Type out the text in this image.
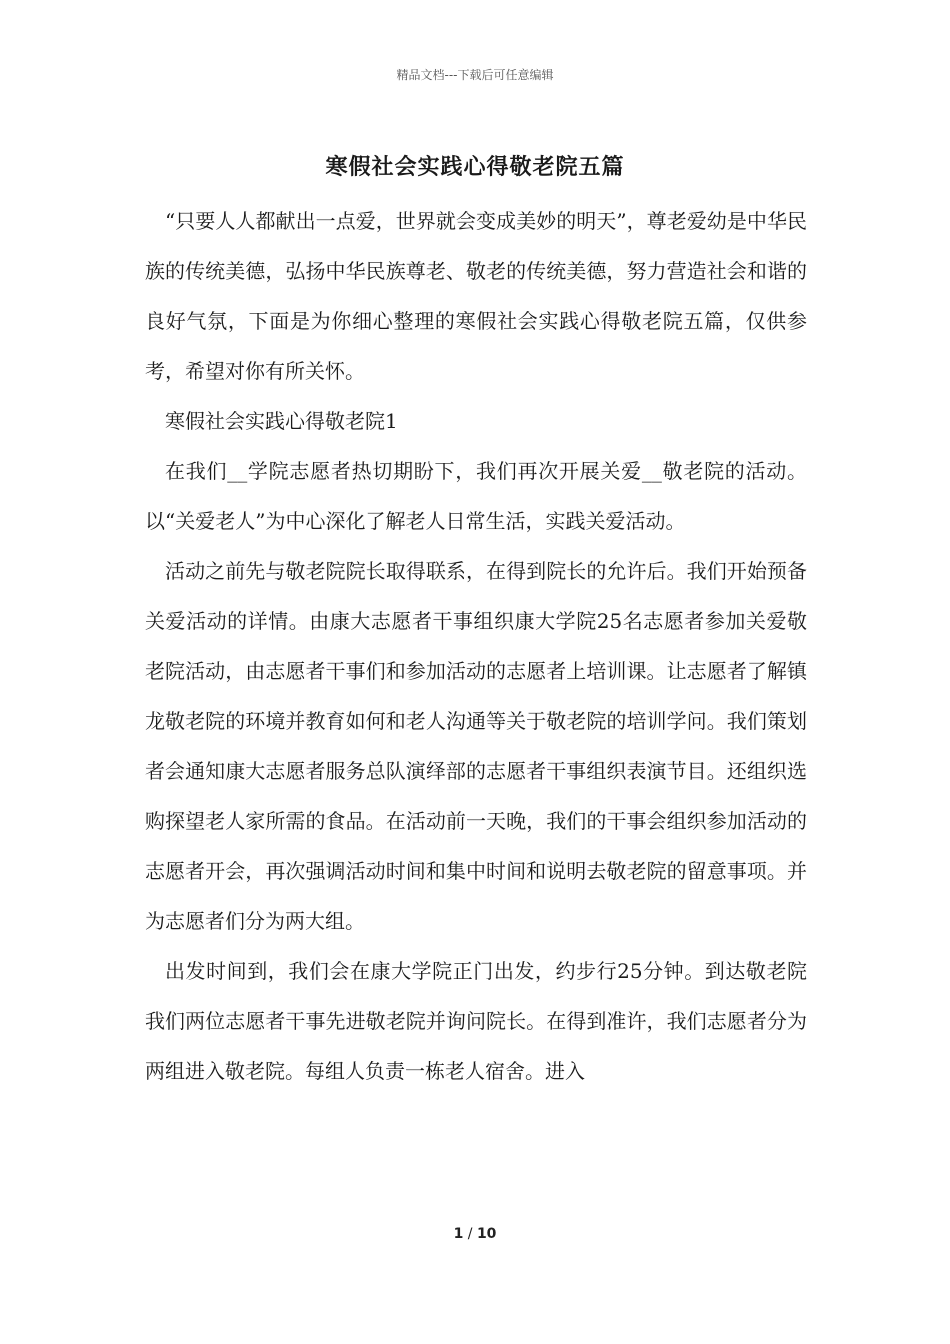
精品文档---下载后可任意编辑
寒假社会实践心得敬老院五篇

“只要人人都献出一点爱，世界就会变成美妙的明天”，尊老爱幼是中华民族的传统美德，弘扬中华民族尊老、敬老的传统美德，努力营造社会和谐的良好气氛，下面是为你细心整理的寒假社会实践心得敬老院五篇，仅供参考，希望对你有所关怀。

寒假社会实践心得敬老院1

在我们__学院志愿者热切期盼下，我们再次开展关爱__敬老院的活动。以“关爱老人”为中心深化了解老人日常生活，实践关爱活动。

活动之前先与敬老院院长取得联系，在得到院长的允许后。我们开始预备关爱活动的详情。由康大志愿者干事组织康大学院25名志愿者参加关爱敬老院活动，由志愿者干事们和参加活动的志愿者上培训课。让志愿者了解镇龙敬老院的环境并教育如何和老人沟通等关于敬老院的培训学问。我们策划者会通知康大志愿者服务总队演绎部的志愿者干事组织表演节目。还组织选购探望老人家所需的食品。在活动前一天晚，我们的干事会组织参加活动的志愿者开会，再次强调活动时间和集中时间和说明去敬老院的留意事项。并为志愿者们分为两大组。

出发时间到，我们会在康大学院正门出发，约步行25分钟。到达敬老院我们两位志愿者干事先进敬老院并询问院长。在得到准许，我们志愿者分为两组进入敬老院。每组人负责一栋老人宿舍。进入

1 / 10
